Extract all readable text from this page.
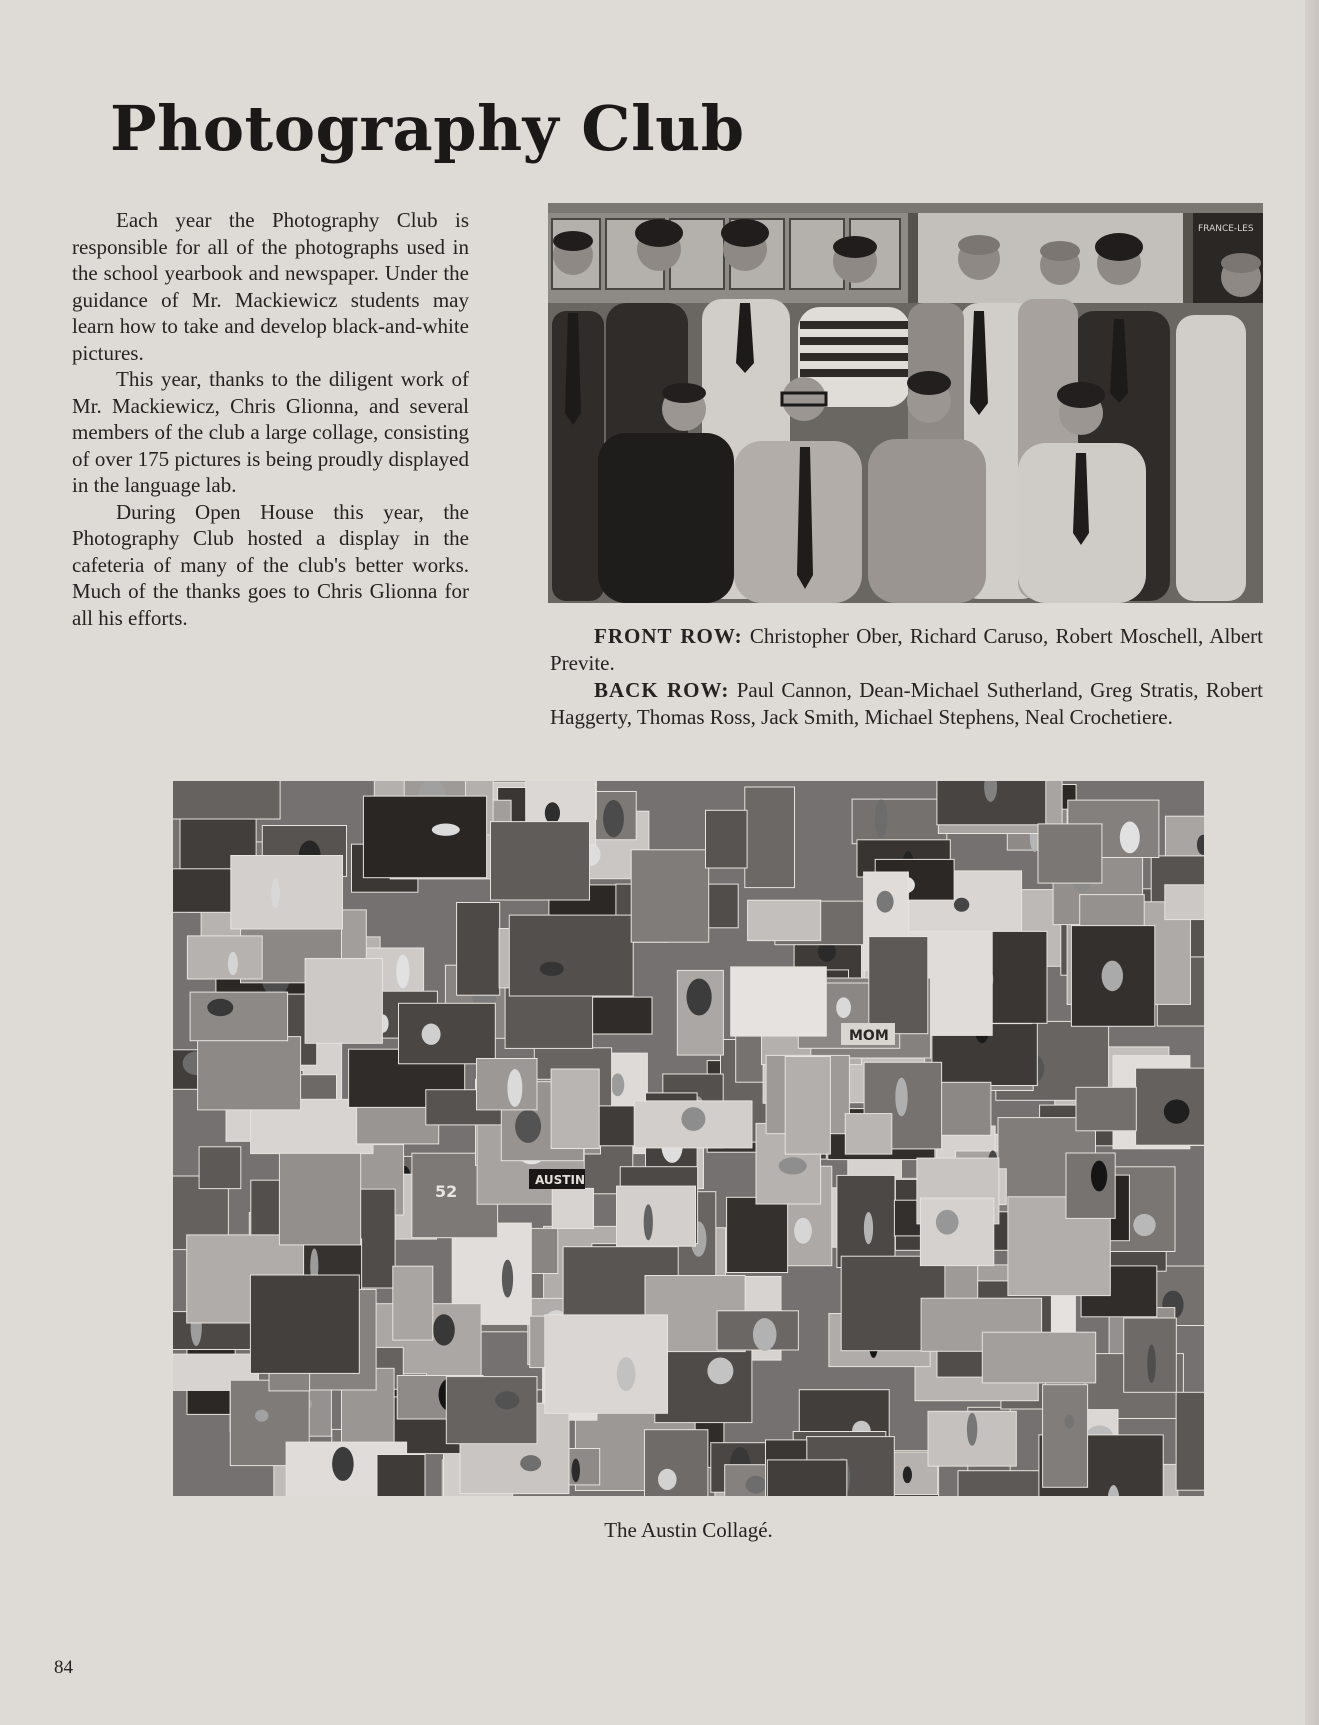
Photography Club

Each year the Photography Club is responsible for all of the photographs used in the school yearbook and newspaper. Under the guidance of Mr. Mackiewicz students may learn how to take and develop black-and-white pictures.

This year, thanks to the diligent work of Mr. Mackiewicz, Chris Glionna, and several members of the club a large collage, consisting of over 175 pictures is being proudly displayed in the language lab.

During Open House this year, the Photography Club hosted a display in the cafeteria of many of the club's better works. Much of the thanks goes to Chris Glionna for all his efforts.

FRANCE-LES

FRONT ROW: Christopher Ober, Richard Caruso, Robert Moschell, Albert Previte.

BACK ROW: Paul Cannon, Dean-Michael Sutherland, Greg Stratis, Robert Haggerty, Thomas Ross, Jack Smith, Michael Stephens, Neal Crochetiere.

AUSTIN
52
MOM
The Austin Collagé.
84
